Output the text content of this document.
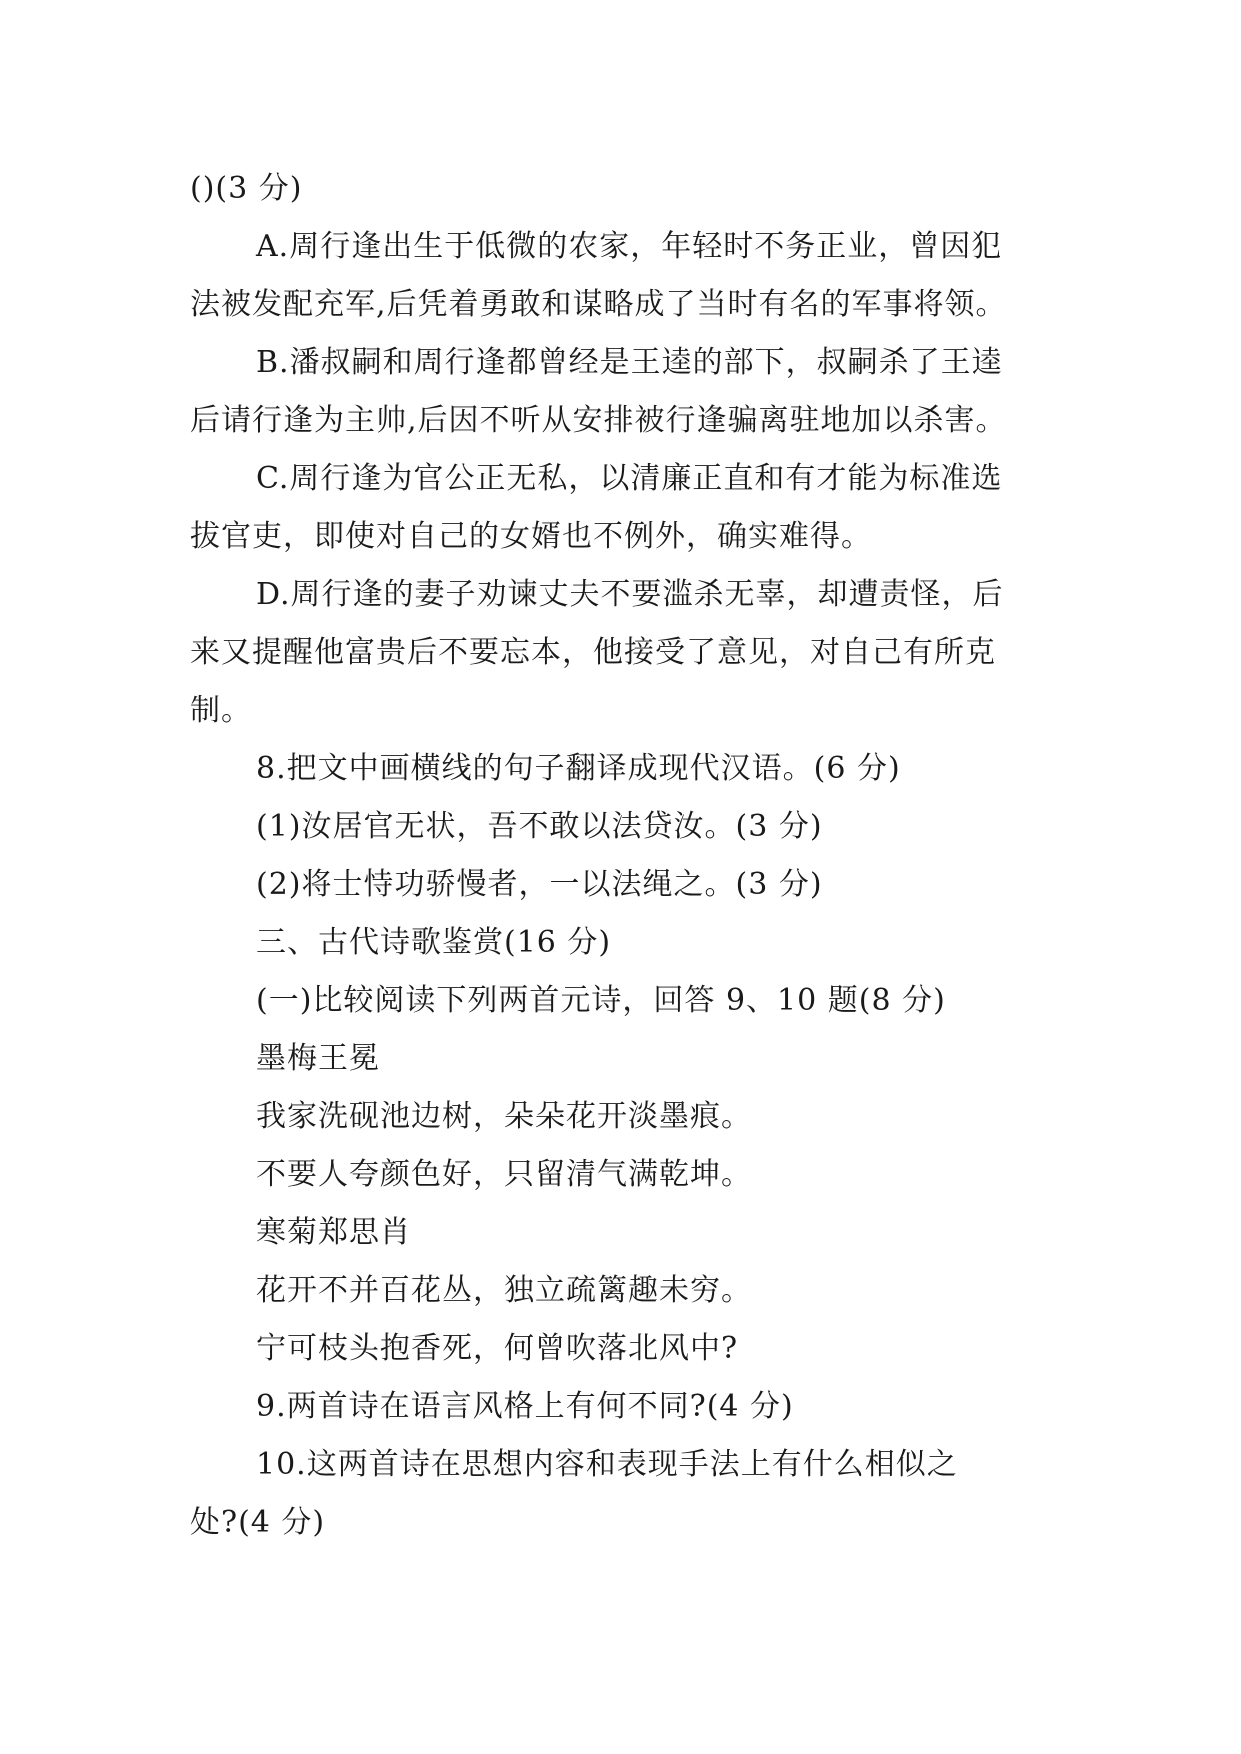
()(3 分)
A.周行逢出生于低微的农家，年轻时不务正业，曾因犯
法被发配充军,后凭着勇敢和谋略成了当时有名的军事将领。
B.潘叔嗣和周行逢都曾经是王逵的部下，叔嗣杀了王逵
后请行逢为主帅,后因不听从安排被行逢骗离驻地加以杀害。
C.周行逢为官公正无私，以清廉正直和有才能为标准选
拔官吏，即使对自己的女婿也不例外，确实难得。
D.周行逢的妻子劝谏丈夫不要滥杀无辜，却遭责怪，后
来又提醒他富贵后不要忘本，他接受了意见，对自己有所克
制。
8.把文中画横线的句子翻译成现代汉语。(6 分)
(1)汝居官无状，吾不敢以法贷汝。(3 分)
(2)将士恃功骄慢者，一以法绳之。(3 分)
三、古代诗歌鉴赏(16 分)
(一)比较阅读下列两首元诗，回答 9、10 题(8 分)
墨梅王冕
我家洗砚池边树，朵朵花开淡墨痕。
不要人夸颜色好，只留清气满乾坤。
寒菊郑思肖
花开不并百花丛，独立疏篱趣未穷。
宁可枝头抱香死，何曾吹落北风中?
9.两首诗在语言风格上有何不同?(4 分)
10.这两首诗在思想内容和表现手法上有什么相似之
处?(4 分)
